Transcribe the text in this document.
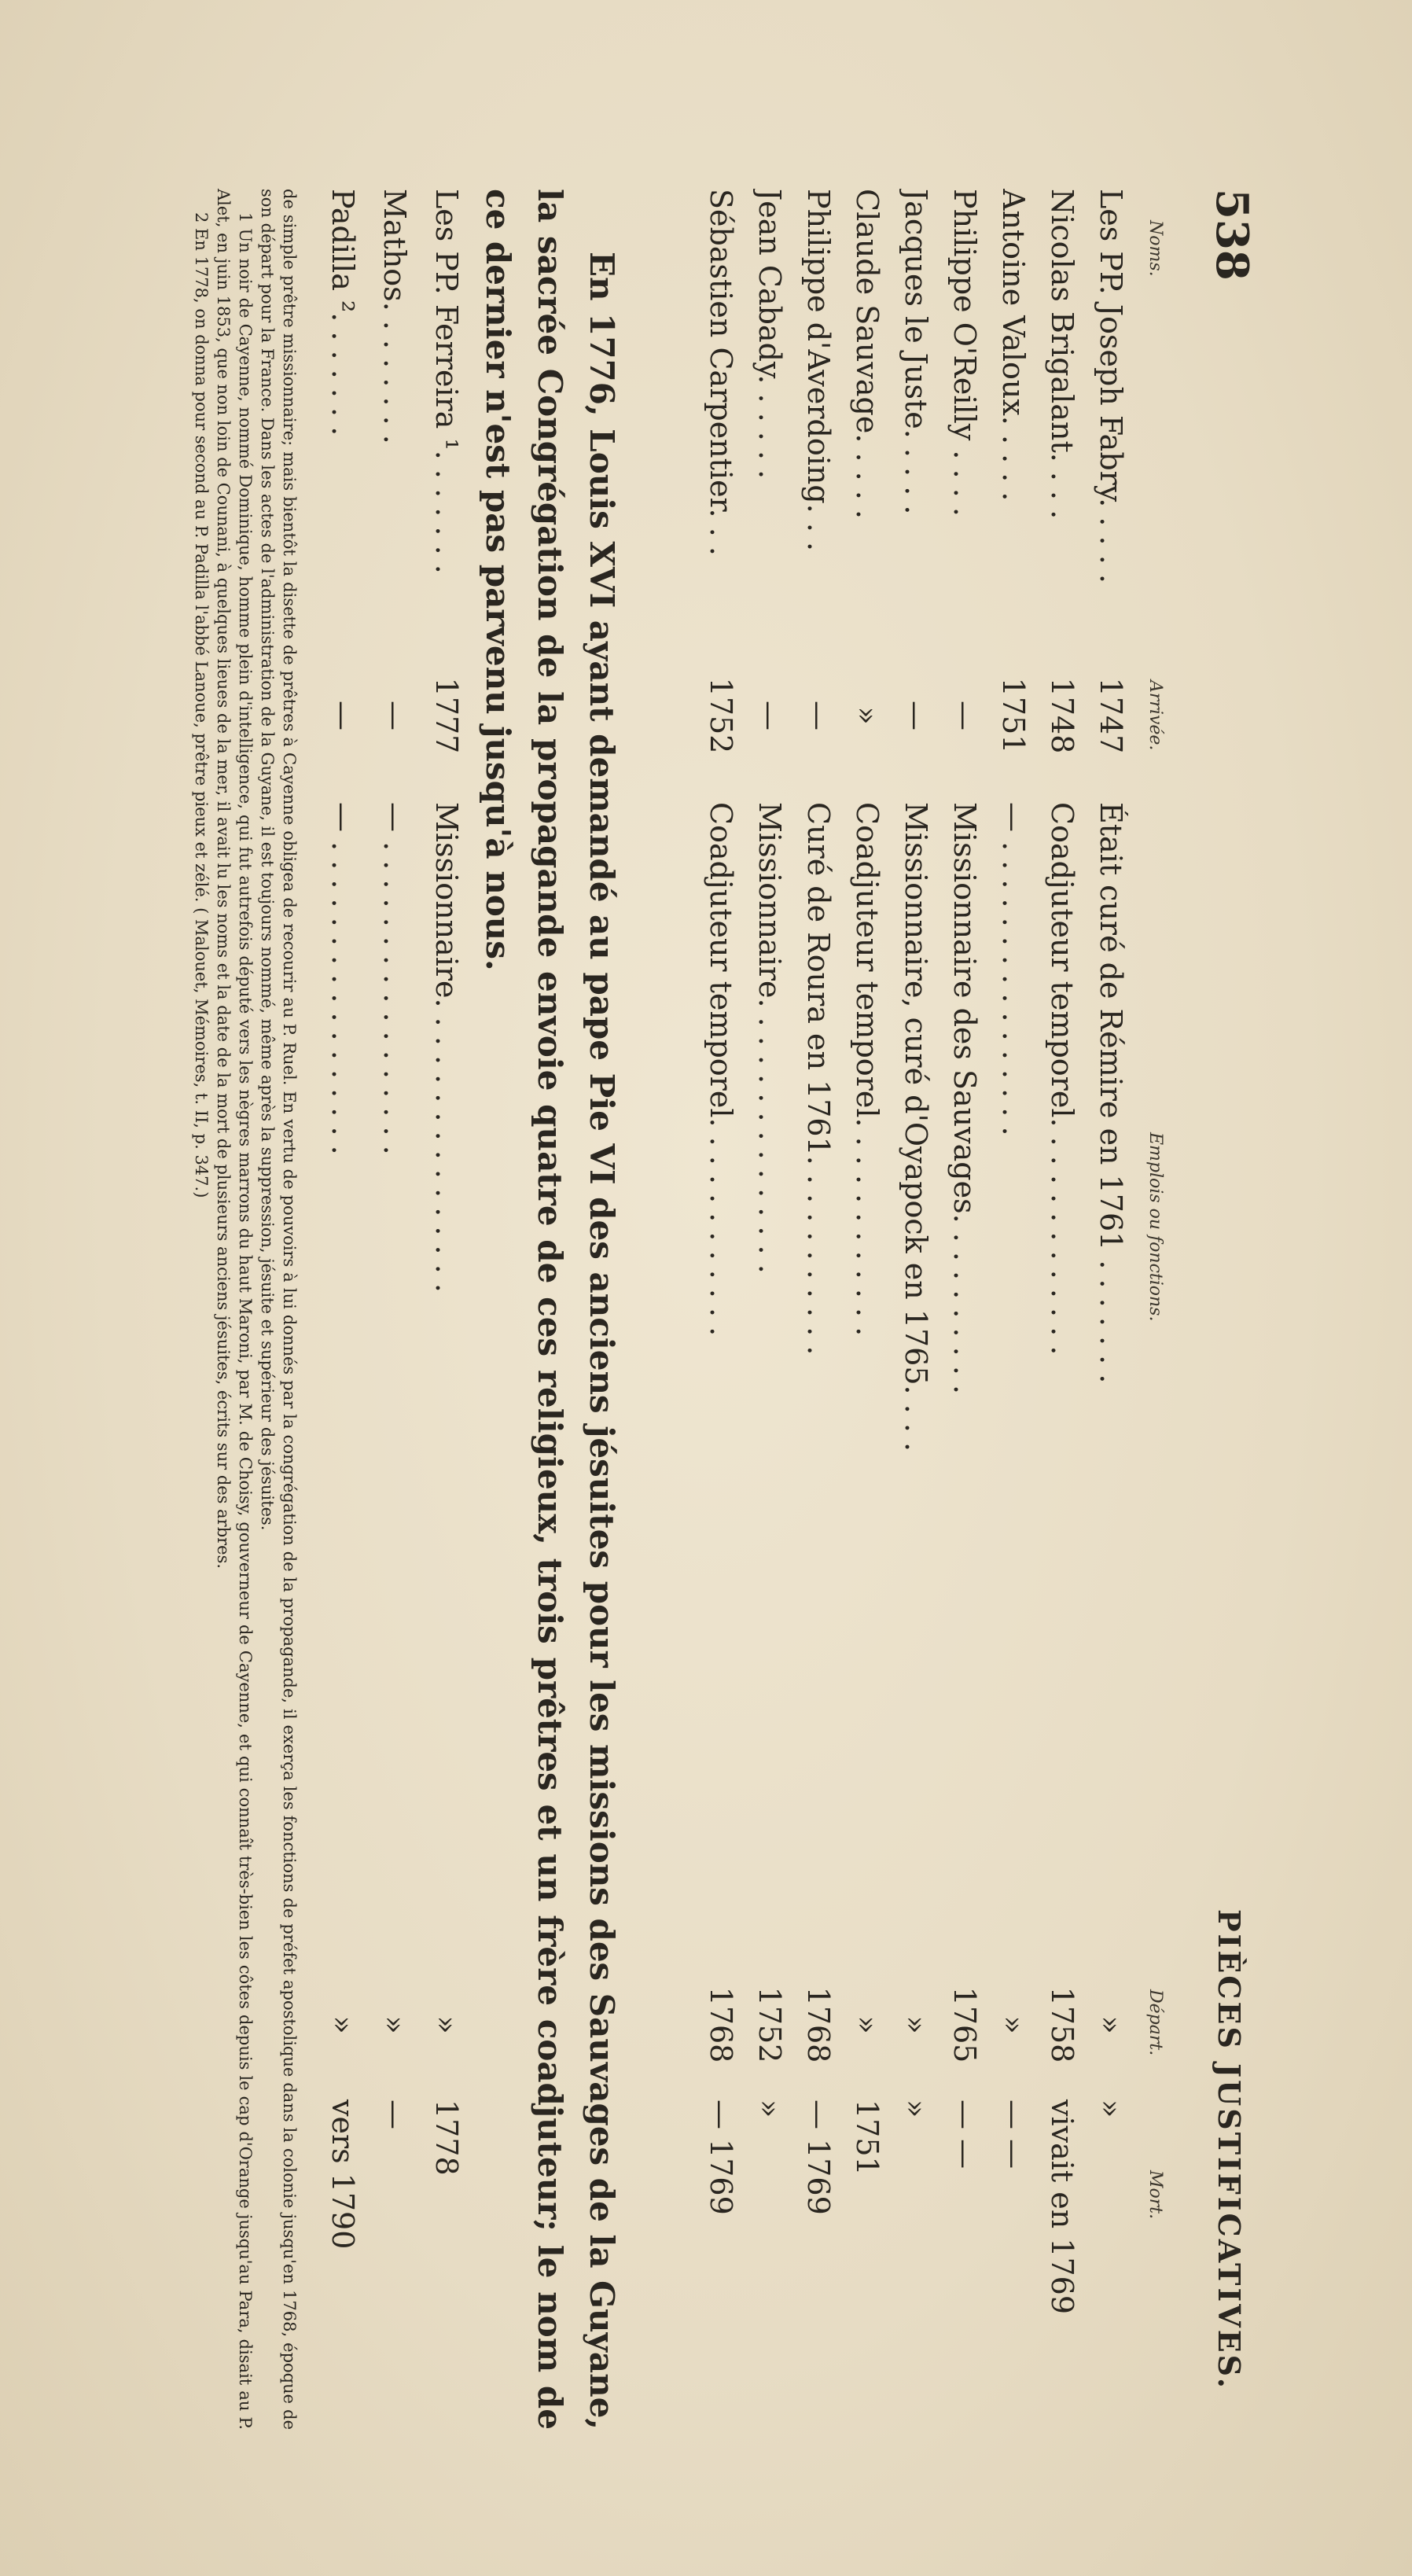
538
PIÈCES JUSTIFICATIVES.
Noms.
Arrivée.
Emplois ou fonctions.
Départ.
Mort.
Les PP. Joseph Fabry. . . . .
1747
Était curé de Rémire en 1761 . . . . . . .
»
»
Nicolas Brigalant. . . .
1748
Coadjuteur temporel. . . . . . . . . . . . .
1758
vivait en 1769
Antoine Valoux. . . . .
1751
— . . . . . . . . . . . . . . . .
»
— —
Philippe O'Reilly . . . .
—
Missionnaire des Sauvages. . . . . . . . . .
1765
— —
Jacques le Juste. . . . .
—
Missionnaire, curé d'Oyapock en 1765. . . .
»
»
Claude Sauvage. . . . .
»
Coadjuteur temporel. . . . . . . . . . . .
»
1751
Philippe d'Averdoing. . .
—
Curé de Roura en 1761. . . . . . . . . . .
1768
— 1769
Jean Cabady. . . . . .
—
Missionnaire. . . . . . . . . . . . . . .
1752
»
Sébastien Carpentier. . .
1752
Coadjuteur temporel. . . . . . . . . . . .
1768
— 1769

En 1776, Louis XVI ayant demandé au pape Pie VI des anciens jésuites pour les missions des Sauvages de la Guyane, la sacrée Congrégation de la propagande envoie quatre de ces religieux, trois prêtres et un frère coadjuteur; le nom de ce dernier n'est pas parvenu jusqu'à nous.

Les PP. Ferreira ¹. . . . . . .
1777
Missionnaire. . . . . . . . . . . . . . . .
»
1778
Mathos. . . . . . . .
—
— . . . . . . . . . . . . . . . . .
»
—
Padilla ². . . . . . .
—
— . . . . . . . . . . . . . . . . .
»
vers 1790

de simple prêtre missionnaire; mais bientôt la disette de prêtres à Cayenne obligea de recourir au P. Ruel. En vertu de pouvoirs à lui donnés par la congrégation de la propagande, il exerça les fonctions de préfet apostolique dans la colonie jusqu'en 1768, époque de son départ pour la France. Dans les actes de l'administration de la Guyane, il est toujours nommé, même après la suppression, jésuite et supérieur des jésuites.

1 Un noir de Cayenne, nommé Dominique, homme plein d'intelligence, qui fut autrefois député vers les nègres marrons du haut Maroni, par M. de Choisy, gouverneur de Cayenne, et qui connaît très-bien les côtes depuis le cap d'Orange jusqu'au Para, disait au P. Alet, en juin 1853, que non loin de Counani, à quelques lieues de la mer, il avait lu les noms et la date de la mort de plusieurs anciens jésuites, écrits sur des arbres.

2 En 1778, on donna pour second au P. Padilla l'abbé Lanoue, prêtre pieux et zélé. ( Malouet, Mémoires, t. II, p. 347.)
